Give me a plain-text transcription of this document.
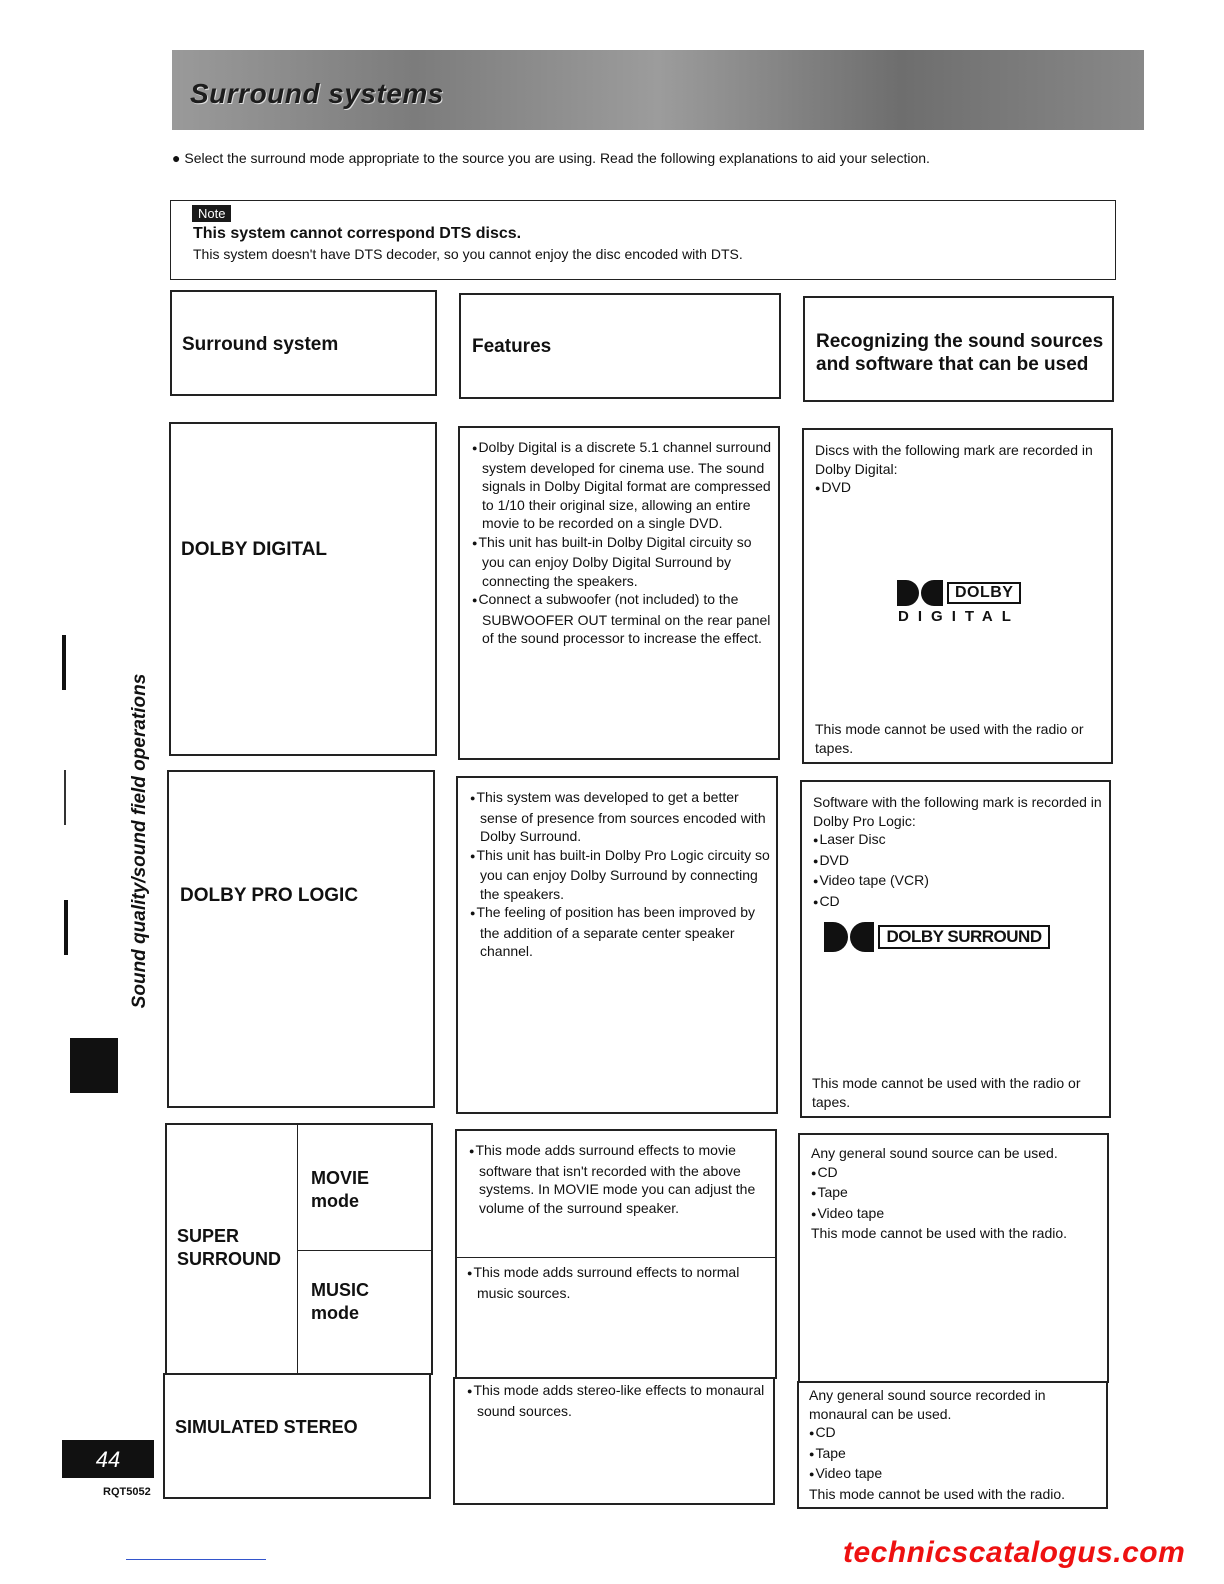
Surround systems
● Select the surround mode appropriate to the source you are using. Read the following explanations to aid your selection.
Note
This system cannot correspond DTS discs.
This system doesn't have DTS decoder, so you cannot enjoy the disc encoded with DTS.
Surround system	Features	Recognizing the sound sources and software that can be used
DOLBY DIGITAL
● Dolby Digital is a discrete 5.1 channel surround system developed for cinema use. The sound signals in Dolby Digital format are compressed to 1/10 their original size, allowing an entire movie to be recorded on a single DVD.
● This unit has built-in Dolby Digital circuity so you can enjoy Dolby Digital Surround by connecting the speakers.
● Connect a subwoofer (not included) to the SUBWOOFER OUT terminal on the rear panel of the sound processor to increase the effect.
Discs with the following mark are recorded in Dolby Digital:
● DVD
DOLBY
DIGITAL
This mode cannot be used with the radio or tapes.
DOLBY PRO LOGIC
● This system was developed to get a better sense of presence from sources encoded with Dolby Surround.
● This unit has built-in Dolby Pro Logic circuity so you can enjoy Dolby Surround by connecting the speakers.
● The feeling of position has been improved by the addition of a separate center speaker channel.
Software with the following mark is recorded in Dolby Pro Logic:
● Laser Disc
● DVD
● Video tape (VCR)
● CD
DOLBY SURROUND
This mode cannot be used with the radio or tapes.
SUPER SURROUND
MOVIE mode
MUSIC mode
● This mode adds surround effects to movie software that isn't recorded with the above systems. In MOVIE mode you can adjust the volume of the surround speaker.
● This mode adds surround effects to normal music sources.
Any general sound source can be used.
● CD
● Tape
● Video tape
This mode cannot be used with the radio.
SIMULATED STEREO
● This mode adds stereo-like effects to monaural sound sources.
Any general sound source recorded in monaural can be used.
● CD
● Tape
● Video tape
This mode cannot be used with the radio.
Sound quality/sound field operations
44
RQT5052
technicscatalogus.com
